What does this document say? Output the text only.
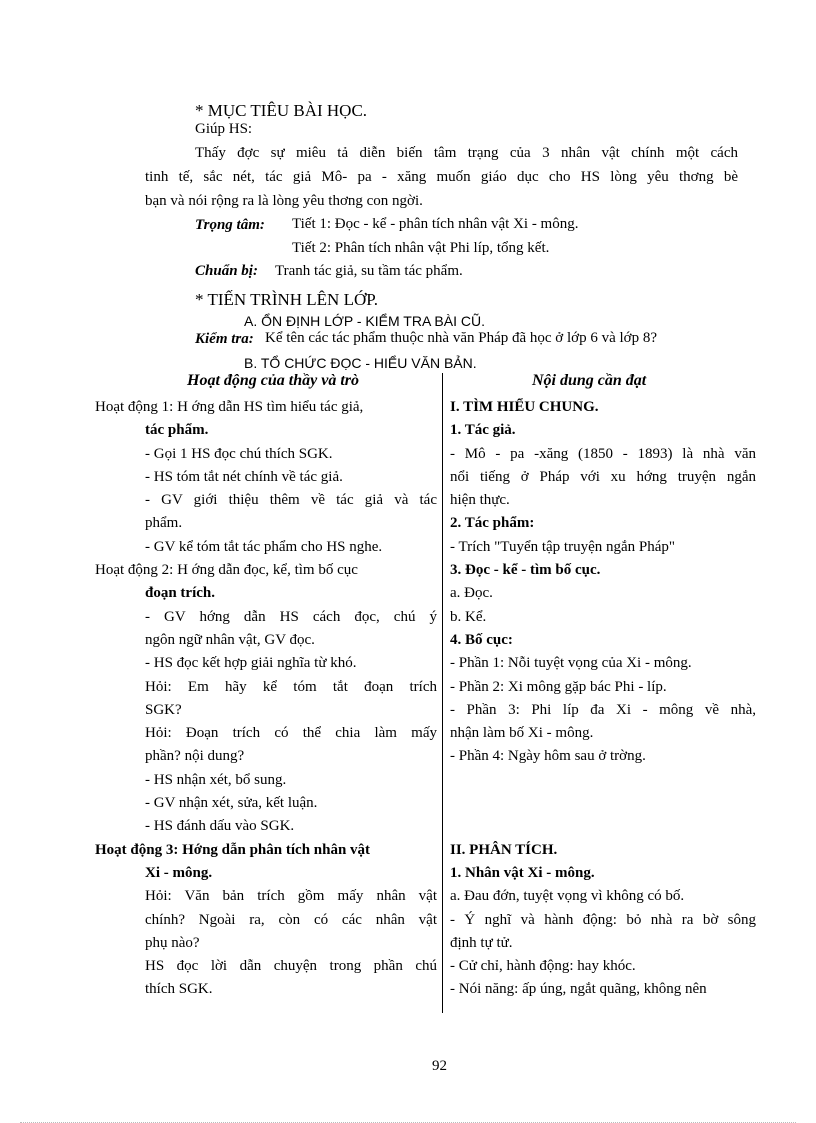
* MỤC TIÊU BÀI HỌC.
Giúp HS:
Thấy đợc sự miêu tả diễn biến tâm trạng của 3 nhân vật chính một cách
tinh tế, sắc nét, tác giả Mô- pa - xăng muốn giáo dục cho HS lòng yêu thơng bè
bạn và nói rộng ra là lòng yêu thơng con ngời.
Trọng tâm: Tiết 1: Đọc - kể - phân tích nhân vật Xi - mông.
Tiết 2: Phân tích nhân vật Phi líp, tổng kết.
Chuẩn bị: Tranh tác giả, su tầm tác phẩm.
* TIẾN TRÌNH LÊN LỚP.
A. ỔN ĐỊNH LỚP - KIỂM TRA BÀI CŨ.
Kiểm tra: Kể tên các tác phẩm thuộc nhà văn Pháp đã học ở lớp 6 và lớp 8?
B. TỔ CHỨC ĐỌC - HIỂU VĂN BẢN.
Hoạt động của thầy và trò	Nội dung cần đạt
Hoạt động 1: H ớng dẫn HS tìm hiểu tác giả,
tác phẩm.
- Gọi 1 HS đọc chú thích SGK.
- HS tóm tắt nét chính về tác giả.
- GV giới thiệu thêm về tác giả và tác
phẩm.
- GV kể tóm tắt tác phẩm cho HS nghe.
Hoạt động 2: H ớng dẫn đọc, kể, tìm bố cục
đoạn trích.
- GV hớng dẫn HS cách đọc, chú ý
ngôn ngữ nhân vật, GV đọc.
- HS đọc kết hợp giải nghĩa từ khó.
Hỏi: Em hãy kể tóm tắt đoạn trích
SGK?
Hỏi: Đoạn trích có thể chia làm mấy
phần? nội dung?
- HS nhận xét, bổ sung.
- GV nhận xét, sửa, kết luận.
- HS đánh dấu vào SGK.
Hoạt động 3: Hớng dẫn phân tích nhân vật
Xi - mông.
Hỏi: Văn bản trích gồm mấy nhân vật
chính? Ngoài ra, còn có các nhân vật
phụ nào?
HS đọc lời dẫn chuyện trong phần chú
thích SGK.
I. TÌM HIỂU CHUNG.
1. Tác giả.
- Mô - pa -xăng (1850 - 1893) là nhà văn
nổi tiếng ở Pháp với xu hớng truyện ngắn
hiện thực.
2. Tác phẩm:
- Trích "Tuyển tập truyện ngắn Pháp"
3. Đọc - kể - tìm bố cục.
a. Đọc.
b. Kể.
4. Bố cục:
- Phần 1: Nỗi tuyệt vọng của Xi - mông.
- Phần 2: Xi mông gặp bác Phi - líp.
- Phần 3: Phi líp đa Xi - mông về nhà,
nhận làm bố Xi - mông.
- Phần 4: Ngày hôm sau ở trờng.

II. PHÂN TÍCH.
1. Nhân vật Xi - mông.
a. Đau đớn, tuyệt vọng vì không có bố.
- Ý nghĩ và hành động: bỏ nhà ra bờ sông
định tự tử.
- Cử chỉ, hành động: hay khóc.
- Nói năng: ấp úng, ngắt quãng, không nên
92
